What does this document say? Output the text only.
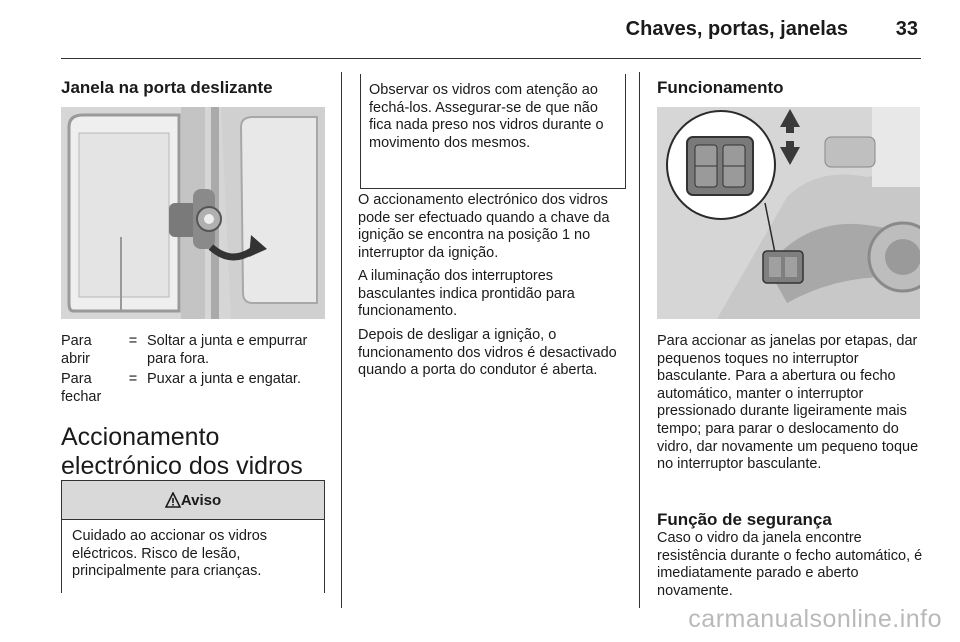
Chaves, portas, janelas 33
Janela na porta deslizante
Para abrir
= Soltar a junta e empurrar para fora.
Para fechar
= Puxar a junta e engatar.
Accionamento electrónico dos vidros
Aviso
Cuidado ao accionar os vidros eléctricos. Risco de lesão, principalmente para crianças.
Observar os vidros com atenção ao fechá-los. Assegurar-se de que não fica nada preso nos vidros durante o movimento dos mesmos.

O accionamento electrónico dos vidros pode ser efectuado quando a chave da ignição se encontra na posição 1 no interruptor da ignição.

A iluminação dos interruptores basculantes indica prontidão para funcionamento.

Depois de desligar a ignição, o funcionamento dos vidros é desactivado quando a porta do condutor é aberta.

Funcionamento

Para accionar as janelas por etapas, dar pequenos toques no interruptor basculante. Para a abertura ou fecho automático, manter o interruptor pressionado durante ligeiramente mais tempo; para parar o deslocamento do vidro, dar novamente um pequeno toque no interruptor basculante.

Função de segurança

Caso o vidro da janela encontre resistência durante o fecho automático, é imediatamente parado e aberto novamente.

carmanualsonline.info
